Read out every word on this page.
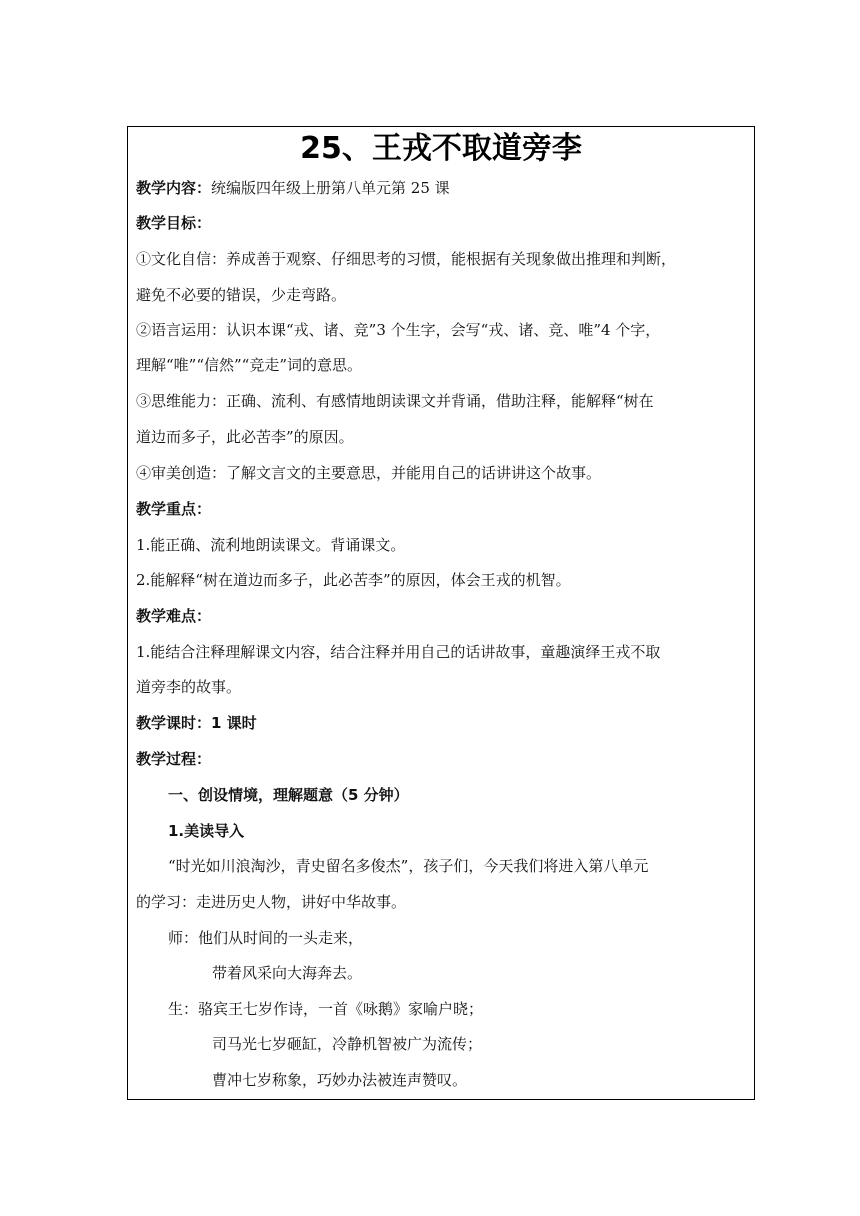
25、王戎不取道旁李
教学内容：统编版四年级上册第八单元第 25 课
教学目标：
①文化自信：养成善于观察、仔细思考的习惯，能根据有关现象做出推理和判断，
避免不必要的错误，少走弯路。
②语言运用：认识本课“戎、诸、竞”3 个生字，会写“戎、诸、竞、唯”4 个字，
理解“唯”“信然”“竞走”词的意思。
③思维能力：正确、流利、有感情地朗读课文并背诵，借助注释，能解释“树在
道边而多子，此必苦李”的原因。
④审美创造：了解文言文的主要意思，并能用自己的话讲讲这个故事。
教学重点：
1.能正确、流利地朗读课文。背诵课文。
2.能解释“树在道边而多子，此必苦李”的原因，体会王戎的机智。
教学难点：
1.能结合注释理解课文内容，结合注释并用自己的话讲故事，童趣演绎王戎不取
道旁李的故事。
教学课时：1 课时
教学过程：
一、创设情境，理解题意（5 分钟）
1.美读导入
“时光如川浪淘沙，青史留名多俊杰”，孩子们，今天我们将进入第八单元
的学习：走进历史人物，讲好中华故事。
师：他们从时间的一头走来，
带着风采向大海奔去。
生：骆宾王七岁作诗，一首《咏鹅》家喻户晓；
司马光七岁砸缸，冷静机智被广为流传；
曹冲七岁称象，巧妙办法被连声赞叹。
